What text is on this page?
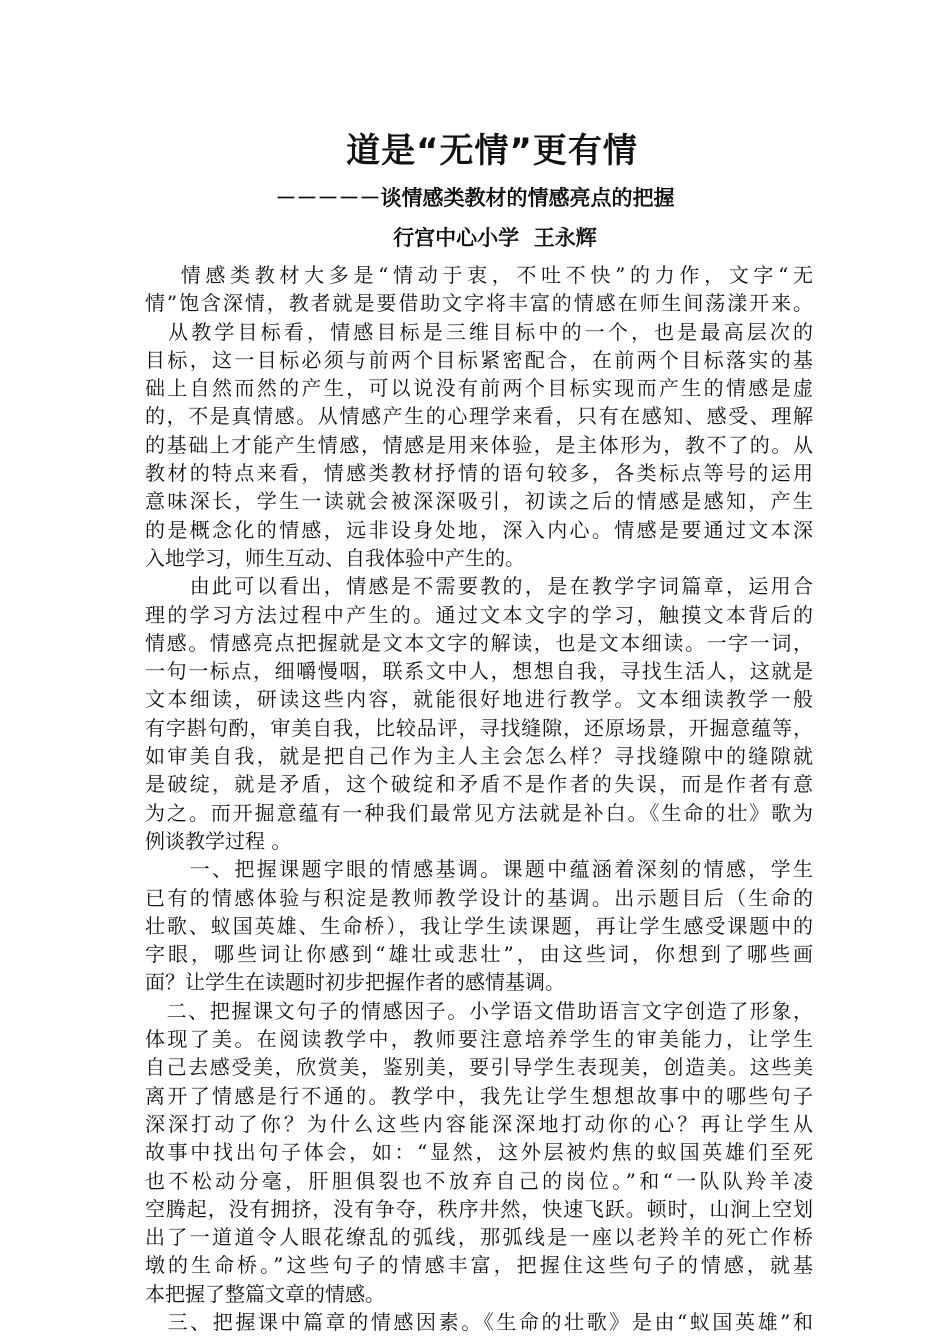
道是“无情”更有情
－－－－－谈情感类教材的情感亮点的把握
行宫中心小学  王永辉
　 情感类教材大多是“情动于衷，不吐不快”的力作，文字“无
情”饱含深情，教者就是要借助文字将丰富的情感在师生间荡漾开来。
　从教学目标看，情感目标是三维目标中的一个，也是最高层次的
目标，这一目标必须与前两个目标紧密配合，在前两个目标落实的基
础上自然而然的产生，可以说没有前两个目标实现而产生的情感是虚
的，不是真情感。从情感产生的心理学来看，只有在感知、感受、理解
的基础上才能产生情感，情感是用来体验，是主体形为，教不了的。从
教材的特点来看，情感类教材抒情的语句较多，各类标点等号的运用
意味深长，学生一读就会被深深吸引，初读之后的情感是感知，产生
的是概念化的情感，远非设身处地，深入内心。情感是要通过文本深
入地学习，师生互动、自我体验中产生的。
　　由此可以看出，情感是不需要教的，是在教学字词篇章，运用合
理的学习方法过程中产生的。通过文本文字的学习，触摸文本背后的
情感。情感亮点把握就是文本文字的解读，也是文本细读。一字一词，
一句一标点，细嚼慢咽，联系文中人，想想自我，寻找生活人，这就是
文本细读，研读这些内容，就能很好地进行教学。文本细读教学一般
有字斟句酌，审美自我，比较品评，寻找缝隙，还原场景，开掘意蕴等，
如审美自我，就是把自己作为主人主会怎么样？寻找缝隙中的缝隙就
是破绽，就是矛盾，这个破绽和矛盾不是作者的失误，而是作者有意
为之。而开掘意蕴有一种我们最常见方法就是补白。《生命的壮》歌为
例谈教学过程 。
　　一、把握课题字眼的情感基调。课题中蕴涵着深刻的情感，学生
已有的情感体验与积淀是教师教学设计的基调。出示题目后（生命的
壮歌、蚁国英雄、生命桥），我让学生读课题，再让学生感受课题中的
字眼，哪些词让你感到“雄壮或悲壮”，由这些词，你想到了哪些画
面？让学生在读题时初步把握作者的感情基调。
　二、把握课文句子的情感因子。小学语文借助语言文字创造了形象，
体现了美。在阅读教学中，教师要注意培养学生的审美能力，让学生
自己去感受美，欣赏美，鉴别美，要引导学生表现美，创造美。这些美
离开了情感是行不通的。教学中，我先让学生想想故事中的哪些句子
深深打动了你？为什么这些内容能深深地打动你的心？再让学生从
故事中找出句子体会，如：“显然，这外层被灼焦的蚁国英雄们至死
也不松动分毫，肝胆俱裂也不放弃自己的岗位。”和“一队队羚羊凌
空腾起，没有拥挤，没有争夺，秩序井然，快速飞跃。顿时，山涧上空划
出了一道道令人眼花缭乱的弧线，那弧线是一座以老羚羊的死亡作桥
墩的生命桥。”这些句子的情感丰富，把握住这些句子的情感，就基
本把握了整篇文章的情感。
　三、把握课中篇章的情感因素。《生命的壮歌》是由“蚁国英雄”和
